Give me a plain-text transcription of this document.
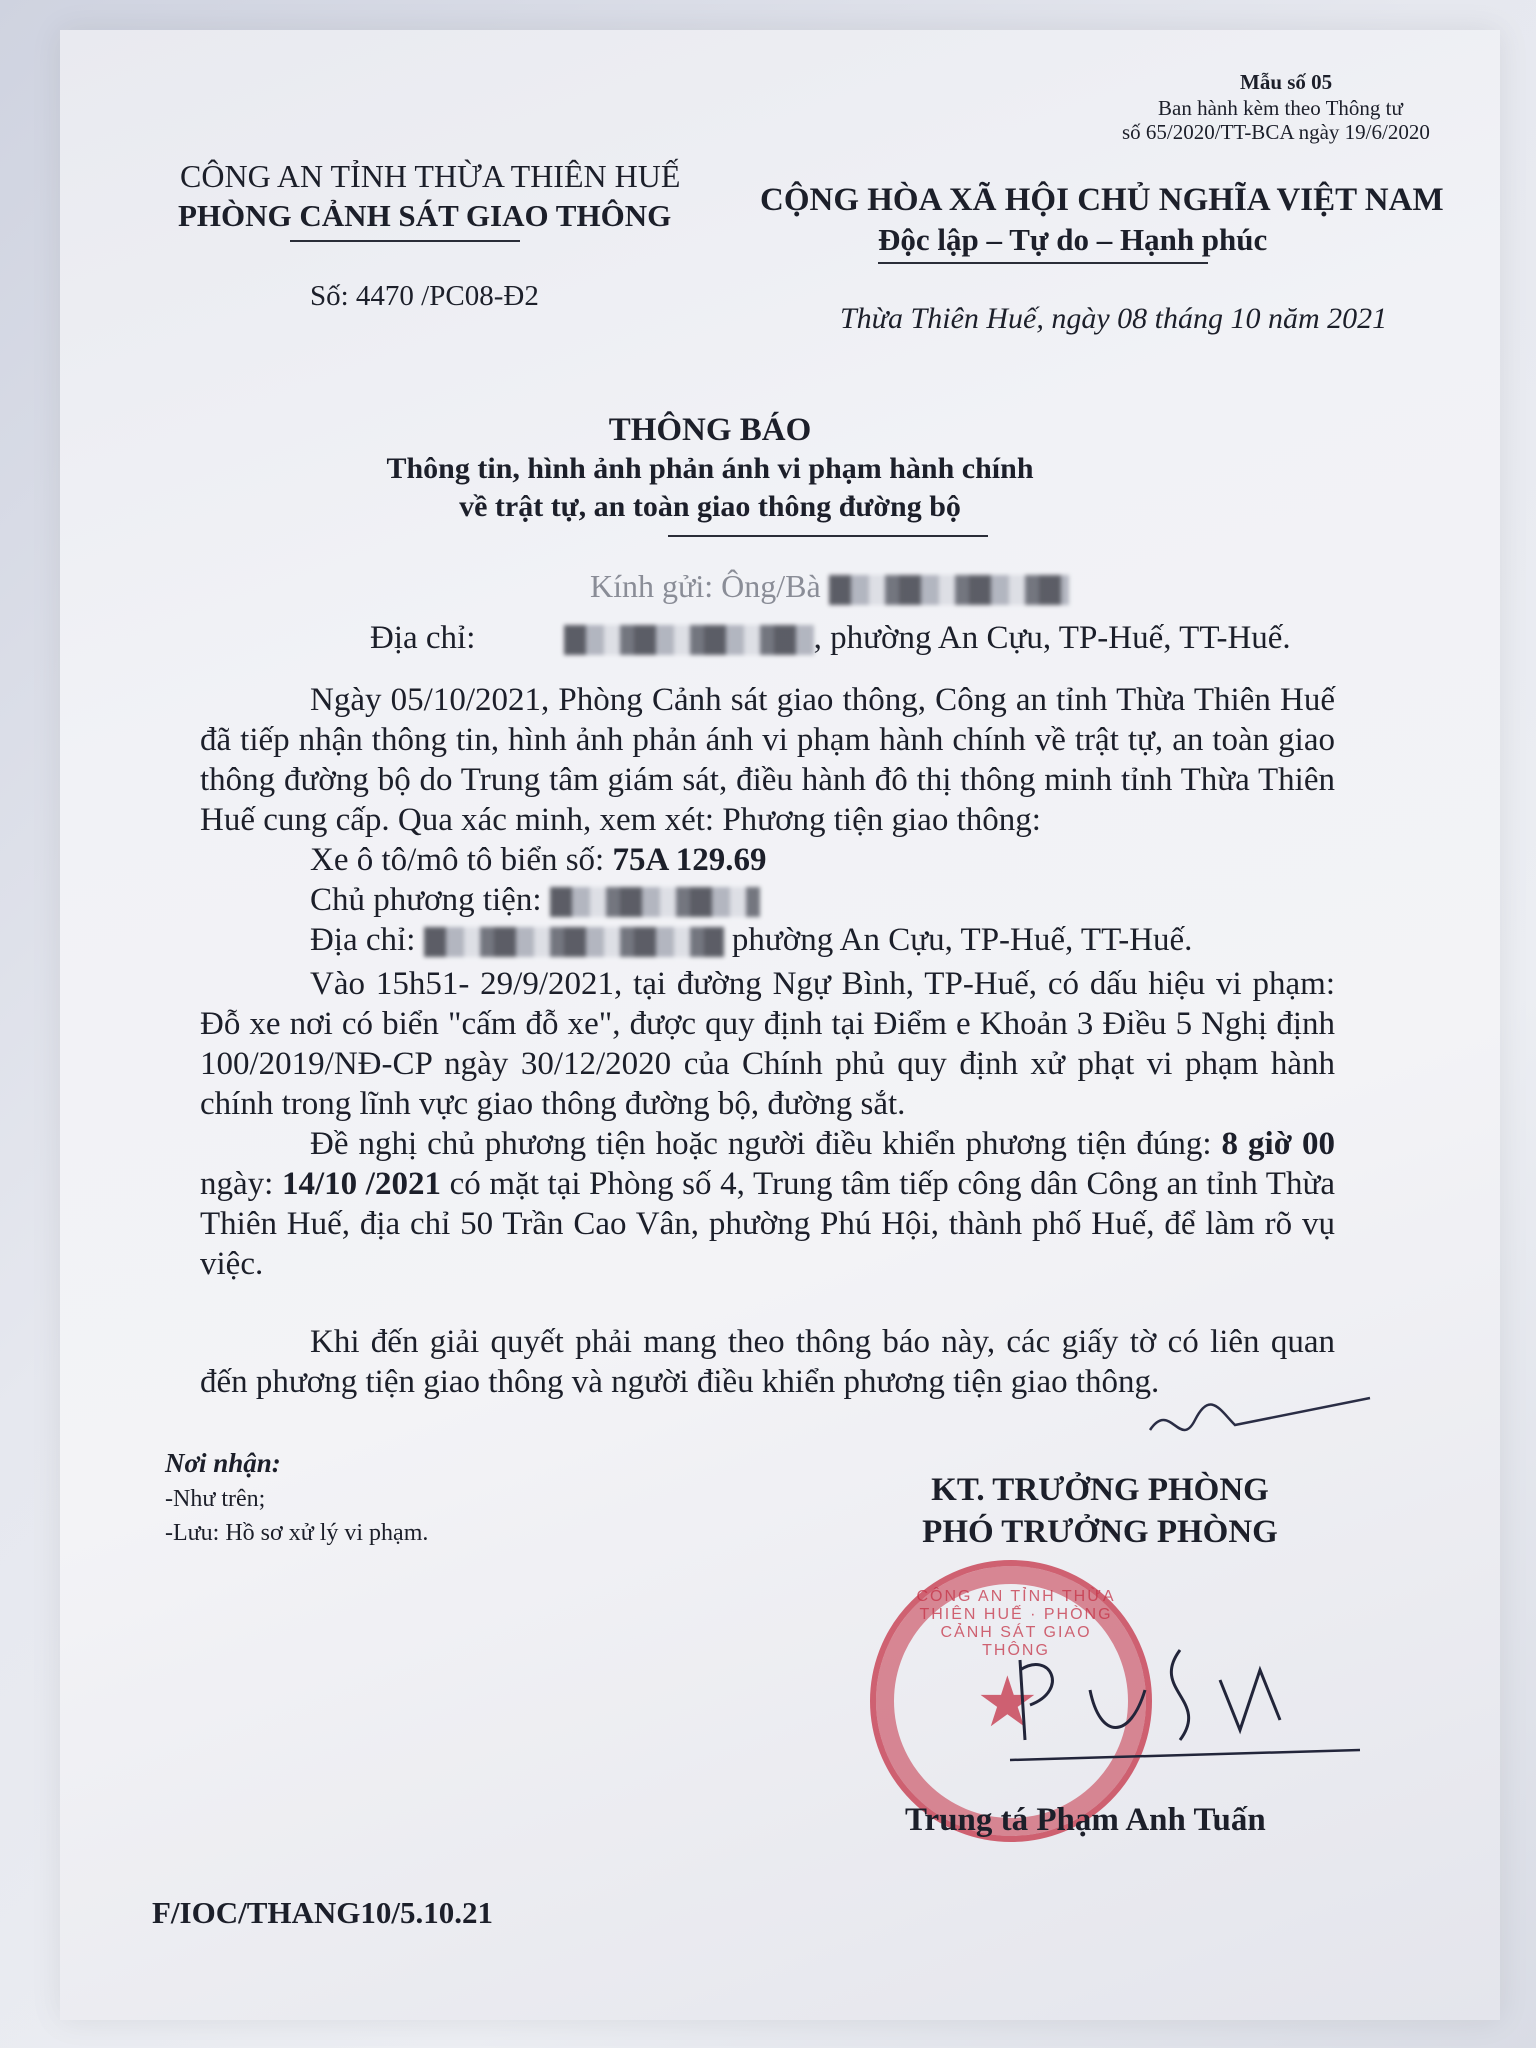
Mẫu số 05
Ban hành kèm theo Thông tư
số 65/2020/TT-BCA ngày 19/6/2020
CÔNG AN TỈNH THỪA THIÊN HUẾ
PHÒNG CẢNH SÁT GIAO THÔNG
Số: 4470 /PC08-Đ2
CỘNG HÒA XÃ HỘI CHỦ NGHĨA VIỆT NAM
Độc lập – Tự do – Hạnh phúc
Thừa Thiên Huế, ngày 08 tháng 10 năm 2021
THÔNG BÁO
Thông tin, hình ảnh phản ánh vi phạm hành chính
về trật tự, an toàn giao thông đường bộ
Kính gửi: Ông/Bà
Địa chỉ:	, phường An Cựu, TP-Huế, TT-Huế.
Ngày 05/10/2021, Phòng Cảnh sát giao thông, Công an tỉnh Thừa Thiên Huế đã tiếp nhận thông tin, hình ảnh phản ánh vi phạm hành chính về trật tự, an toàn giao thông đường bộ do Trung tâm giám sát, điều hành đô thị thông minh tỉnh Thừa Thiên Huế cung cấp. Qua xác minh, xem xét: Phương tiện giao thông:
Xe ô tô/mô tô biển số: 75A 129.69
Chủ phương tiện:
Địa chỉ:	phường An Cựu, TP-Huế, TT-Huế.
Vào 15h51- 29/9/2021, tại đường Ngự Bình, TP-Huế, có dấu hiệu vi phạm: Đỗ xe nơi có biển "cấm đỗ xe", được quy định tại Điểm e Khoản 3 Điều 5 Nghị định 100/2019/NĐ-CP ngày 30/12/2020 của Chính phủ quy định xử phạt vi phạm hành chính trong lĩnh vực giao thông đường bộ, đường sắt.
Đề nghị chủ phương tiện hoặc người điều khiển phương tiện đúng: 8 giờ 00 ngày: 14/10 /2021 có mặt tại Phòng số 4, Trung tâm tiếp công dân Công an tỉnh Thừa Thiên Huế, địa chỉ 50 Trần Cao Vân, phường Phú Hội, thành phố Huế, để làm rõ vụ việc.
Khi đến giải quyết phải mang theo thông báo này, các giấy tờ có liên quan đến phương tiện giao thông và người điều khiển phương tiện giao thông.
Nơi nhận:
-Như trên;
-Lưu: Hồ sơ xử lý vi phạm.
KT. TRƯỞNG PHÒNG
PHÓ TRƯỞNG PHÒNG
★
CÔNG AN TỈNH THỪA THIÊN HUẾ · PHÒNG CẢNH SÁT GIAO THÔNG
Trung tá Phạm Anh Tuấn
F/IOC/THANG10/5.10.21
